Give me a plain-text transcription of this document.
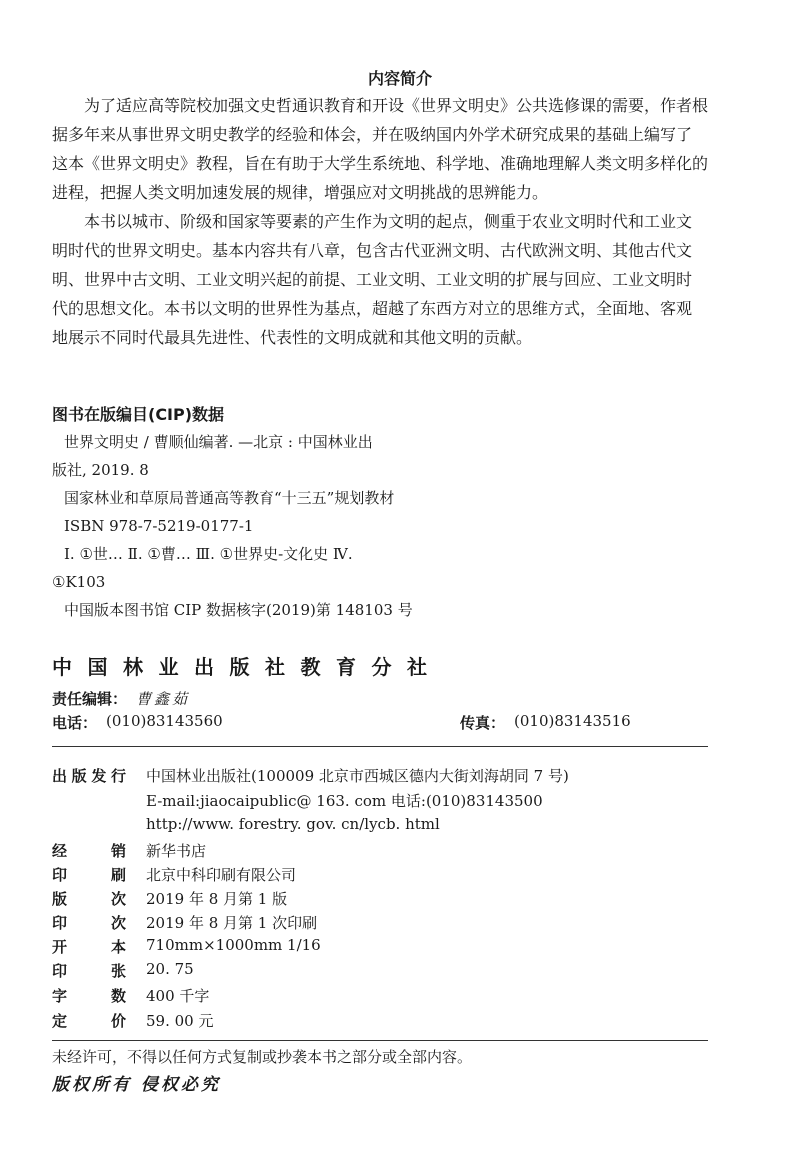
内容简介
为了适应高等院校加强文史哲通识教育和开设《世界文明史》公共选修课的需要，作者根
据多年来从事世界文明史教学的经验和体会，并在吸纳国内外学术研究成果的基础上编写了
这本《世界文明史》教程，旨在有助于大学生系统地、科学地、准确地理解人类文明多样化的
进程，把握人类文明加速发展的规律，增强应对文明挑战的思辨能力。
本书以城市、阶级和国家等要素的产生作为文明的起点，侧重于农业文明时代和工业文
明时代的世界文明史。基本内容共有八章，包含古代亚洲文明、古代欧洲文明、其他古代文
明、世界中古文明、工业文明兴起的前提、工业文明、工业文明的扩展与回应、工业文明时
代的思想文化。本书以文明的世界性为基点，超越了东西方对立的思维方式，全面地、客观
地展示不同时代最具先进性、代表性的文明成就和其他文明的贡献。
图书在版编目(CIP)数据
世界文明史 / 曹顺仙编著. —北京 : 中国林业出
版社, 2019. 8
国家林业和草原局普通高等教育“十三五”规划教材
ISBN 978-7-5219-0177-1
Ⅰ. ①世… Ⅱ. ①曹… Ⅲ. ①世界史-文化史 Ⅳ.
①K103
中国版本图书馆 CIP 数据核字(2019)第 148103 号
中国林业出版社教育分社
责任编辑： 曹鑫茹
电话： (010)83143560	传真： (010)83143516
出 版 发 行 中国林业出版社(100009 北京市西城区德内大街刘海胡同 7 号)
E-mail:jiaocaipublic@ 163. com 电话:(010)83143500
http://www. forestry. gov. cn/lycb. html
经	销 新华书店
印	刷 北京中科印刷有限公司
版	次 2019 年 8 月第 1 版
印	次 2019 年 8 月第 1 次印刷
开	本 710mm×1000mm 1/16
印	张 20. 75
字	数 400 千字
定	价 59. 00 元
未经许可，不得以任何方式复制或抄袭本书之部分或全部内容。
版权所有 侵权必究
